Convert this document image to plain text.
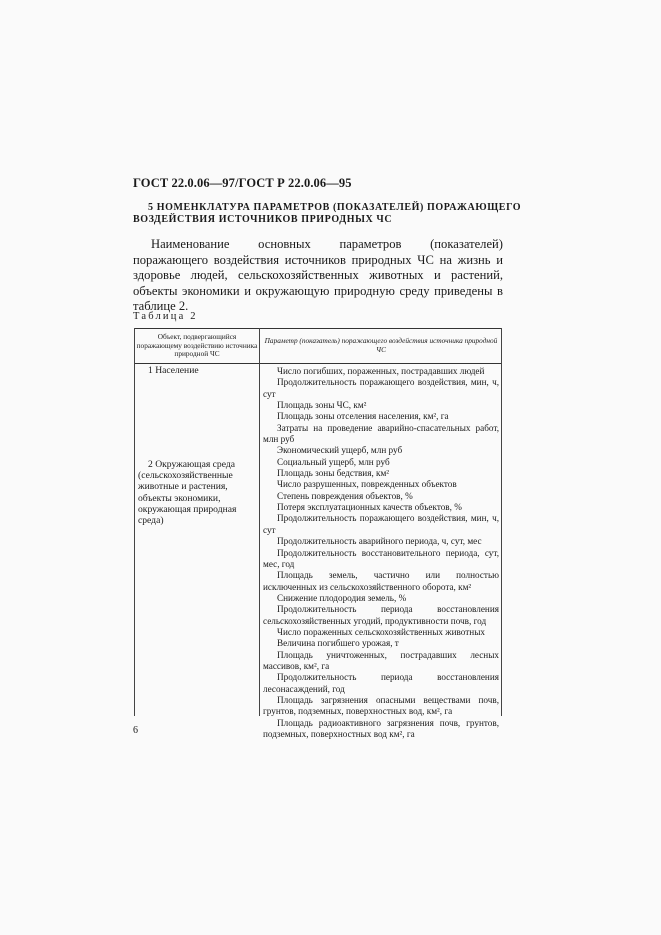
ГОСТ 22.0.06—97/ГОСТ Р 22.0.06—95
5 НОМЕНКЛАТУРА ПАРАМЕТРОВ (ПОКАЗАТЕЛЕЙ) ПОРАЖАЮЩЕГО
ВОЗДЕЙСТВИЯ ИСТОЧНИКОВ ПРИРОДНЫХ ЧС

Наименование основных параметров (показателей) поражающего воздействия источников природных ЧС на жизнь и здоровье людей, сельскохозяйственных животных и растений, объекты экономики и окружающую природную среду приведены в таблице 2.

Таблица 2
Объект, подвергающийся поражающему воздействию источника природной ЧС
Параметр (показатель) поражающего воздействия источника природной ЧС
1 Население
2 Окружающая среда
(сельскохозяйственные животные и растения, объекты экономики, окружающая природная среда)
Число погибших, пораженных, пострадавших людей
Продолжительность поражающего воздействия, мин, ч, сут
Площадь зоны ЧС, км²
Площадь зоны отселения населения, км², га
Затраты на проведение аварийно-спасательных работ, млн руб
Экономический ущерб, млн руб
Социальный ущерб, млн руб
Площадь зоны бедствия, км²
Число разрушенных, поврежденных объектов
Степень повреждения объектов, %
Потеря эксплуатационных качеств объектов, %
Продолжительность поражающего воздействия, мин, ч, сут
Продолжительность аварийного периода, ч, сут, мес
Продолжительность восстановительного периода, сут, мес, год
Площадь земель, частично или полностью исключенных из сельскохозяйственного оборота, км²
Снижение плодородия земель, %
Продолжительность периода восстановления сельскохозяйственных угодий, продуктивности почв, год
Число пораженных сельскохозяйственных животных
Величина погибшего урожая, т
Площадь уничтоженных, пострадавших лесных массивов, км², га
Продолжительность периода восстановления лесонасаждений, год
Площадь загрязнения опасными веществами почв, грунтов, подземных, поверхностных вод, км², га
Площадь радиоактивного загрязнения почв, грунтов, подземных, поверхностных вод км², га
6
